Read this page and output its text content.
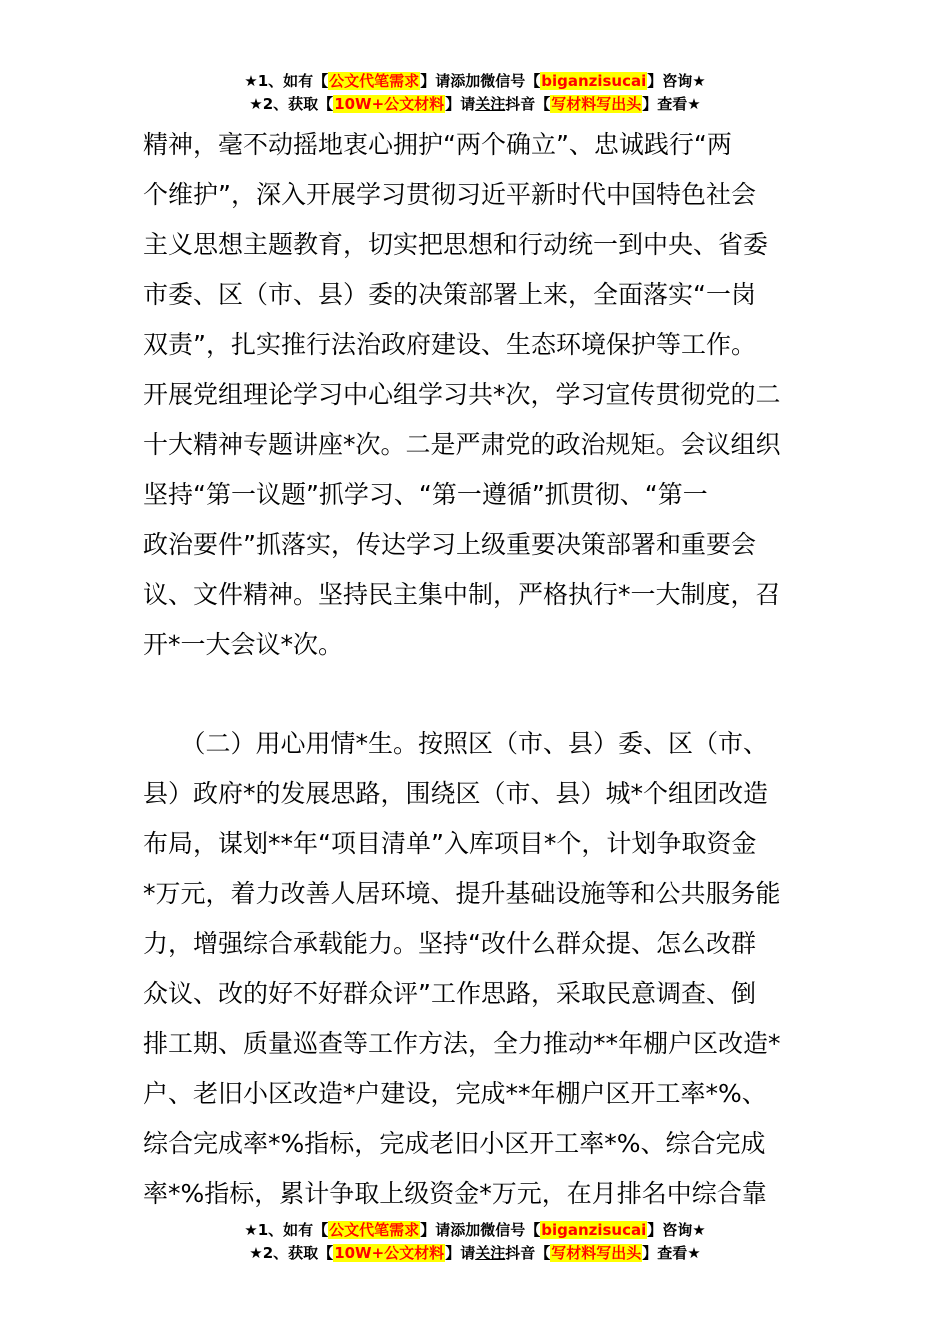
★1、如有【公文代笔需求】请添加微信号【biganzisucai】咨询★
★2、获取【10W+公文材料】请关注抖音【写材料写出头】查看★
精神，毫不动摇地衷心拥护“两个确立”、忠诚践行“两
个维护”，深入开展学习贯彻习近平新时代中国特色社会
主义思想主题教育，切实把思想和行动统一到中央、省委
市委、区（市、县）委的决策部署上来，全面落实“一岗
双责”，扎实推行法治政府建设、生态环境保护等工作。
开展党组理论学习中心组学习共*次，学习宣传贯彻党的二
十大精神专题讲座*次。二是严肃党的政治规矩。会议组织
坚持“第一议题”抓学习、“第一遵循”抓贯彻、“第一
政治要件”抓落实，传达学习上级重要决策部署和重要会
议、文件精神。坚持民主集中制，严格执行*一大制度，召
开*一大会议*次。
　　（二）用心用情*生。按照区（市、县）委、区（市、
县）政府*的发展思路，围绕区（市、县）城*个组团改造
布局，谋划**年“项目清单”入库项目*个，计划争取资金
*万元，着力改善人居环境、提升基础设施等和公共服务能
力，增强综合承载能力。坚持“改什么群众提、怎么改群
众议、改的好不好群众评”工作思路，采取民意调查、倒
排工期、质量巡查等工作方法，全力推动**年棚户区改造*
户、老旧小区改造*户建设，完成**年棚户区开工率*%、
综合完成率*%指标，完成老旧小区开工率*%、综合完成
率*%指标，累计争取上级资金*万元，在月排名中综合靠
★1、如有【公文代笔需求】请添加微信号【biganzisucai】咨询★
★2、获取【10W+公文材料】请关注抖音【写材料写出头】查看★
